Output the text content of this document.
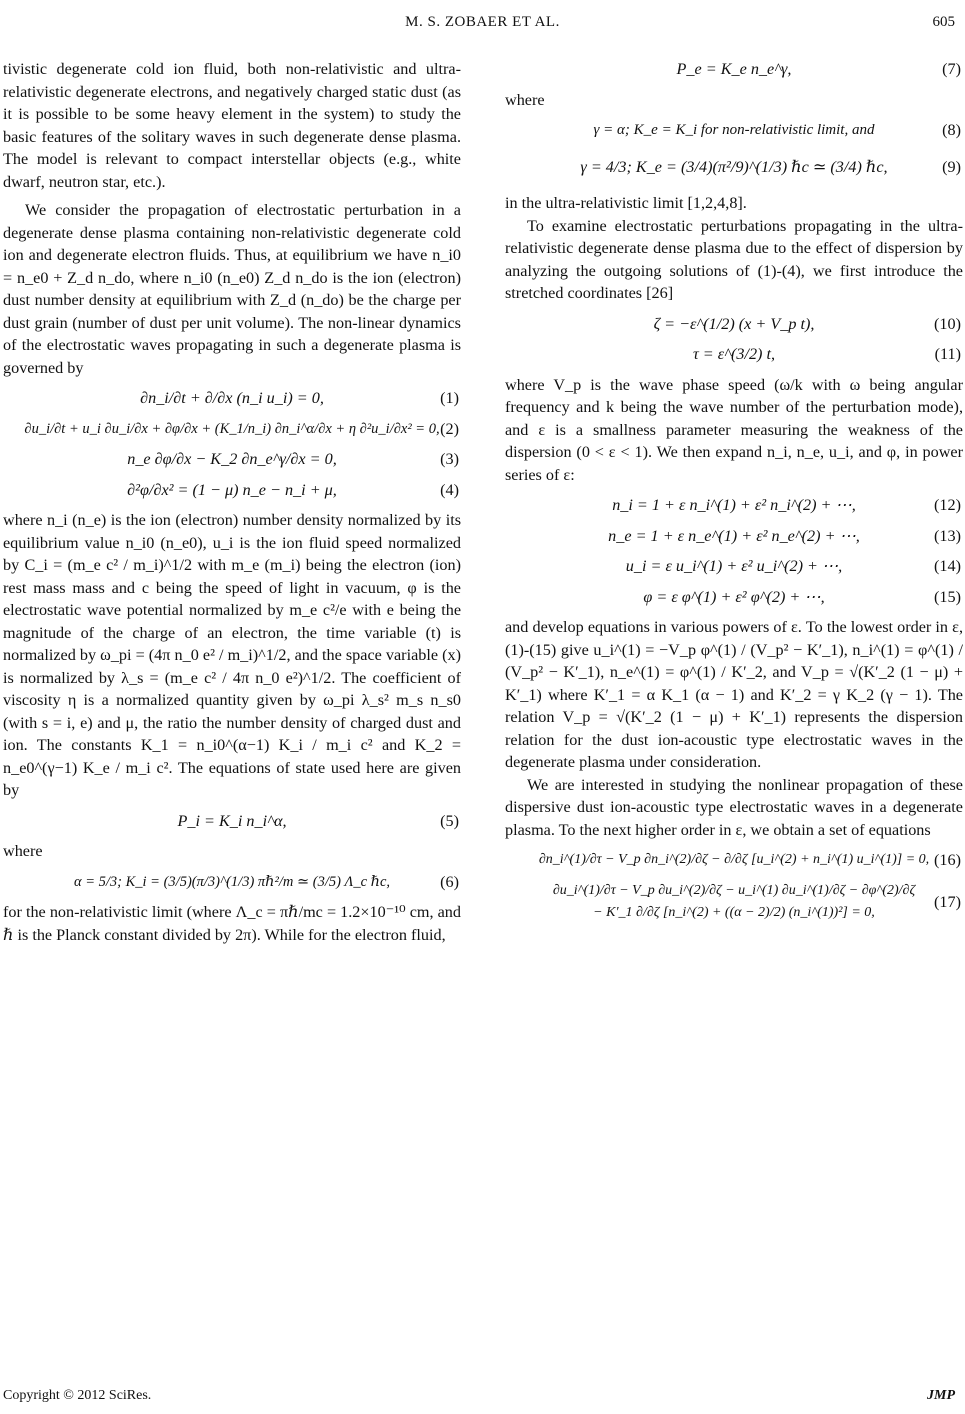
M. S. ZOBAER ET AL.	605

tivistic degenerate cold ion fluid, both non-relativistic and ultra-relativistic degenerate electrons, and negatively charged static dust (as it is possible to be some heavy element in the system) to study the basic features of the solitary waves in such degenerate dense plasma. The model is relevant to compact interstellar objects (e.g., white dwarf, neutron star, etc.).

We consider the propagation of electrostatic perturbation in a degenerate dense plasma containing non-relativistic degenerate cold ion and degenerate electron fluids. Thus, at equilibrium we have n_i0 = n_e0 + Z_d n_do, where n_i0 (n_e0) Z_d n_do is the ion (electron) dust number density at equilibrium with Z_d (n_do) be the charge per dust grain (number of dust per unit volume). The non-linear dynamics of the electrostatic waves propagating in such a degenerate plasma is governed by

∂n_i/∂t + ∂/∂x (n_i u_i) = 0,	(1)
∂u_i/∂t + u_i ∂u_i/∂x + ∂φ/∂x + (K_1/n_i) ∂n_i^α/∂x + η ∂²u_i/∂x² = 0, (2)
n_e ∂φ/∂x − K_2 ∂n_e^γ/∂x = 0,	(3)
∂²φ/∂x² = (1 − μ) n_e − n_i + μ,	(4)

where n_i (n_e) is the ion (electron) number density normalized by its equilibrium value n_i0 (n_e0), u_i is the ion fluid speed normalized by C_i = (m_e c² / m_i)^1/2 with m_e (m_i) being the electron (ion) rest mass mass and c being the speed of light in vacuum, φ is the electrostatic wave potential normalized by m_e c²/e with e being the magnitude of the charge of an electron, the time variable (t) is normalized by ω_pi = (4π n_0 e² / m_i)^1/2, and the space variable (x) is normalized by λ_s = (m_e c² / 4π n_0 e²)^1/2. The coefficient of viscosity η is a normalized quantity given by ω_pi λ_s² m_s n_s0 (with s = i, e) and μ, the ratio the number density of charged dust and ion. The constants K_1 = n_i0^(α−1) K_i / m_i c² and K_2 = n_e0^(γ−1) K_e / m_i c². The equations of state used here are given by

P_i = K_i n_i^α,	(5)

where

α = 5/3; K_i = (3/5)(π/3)^(1/3) πℏ²/m ≃ (3/5) Λ_c ℏc,	(6)

for the non-relativistic limit (where Λ_c = πℏ/mc = 1.2×10⁻¹⁰ cm, and ℏ is the Planck constant divided by 2π). While for the electron fluid,

P_e = K_e n_e^γ,	(7)

where

γ = α; K_e = K_i for non-relativistic limit, and	(8)
γ = 4/3; K_e = (3/4)(π²/9)^(1/3) ℏc ≃ (3/4) ℏc,	(9)

in the ultra-relativistic limit [1,2,4,8].

To examine electrostatic perturbations propagating in the ultra-relativistic degenerate dense plasma due to the effect of dispersion by analyzing the outgoing solutions of (1)-(4), we first introduce the stretched coordinates [26]

ζ = −ε^(1/2) (x + V_p t),	(10)
τ = ε^(3/2) t,	(11)

where V_p is the wave phase speed (ω/k with ω being angular frequency and k being the wave number of the perturbation mode), and ε is a smallness parameter measuring the weakness of the dispersion (0 < ε < 1). We then expand n_i, n_e, u_i, and φ, in power series of ε:

n_i = 1 + ε n_i^(1) + ε² n_i^(2) + ⋯,	(12)
n_e = 1 + ε n_e^(1) + ε² n_e^(2) + ⋯,	(13)
u_i = ε u_i^(1) + ε² u_i^(2) + ⋯,	(14)
φ = ε φ^(1) + ε² φ^(2) + ⋯,	(15)

and develop equations in various powers of ε. To the lowest order in ε, (1)-(15) give u_i^(1) = −V_p φ^(1) / (V_p² − K′_1), n_i^(1) = φ^(1) / (V_p² − K′_1), n_e^(1) = φ^(1) / K′_2, and V_p = √(K′_2 (1 − μ) + K′_1) where K′_1 = α K_1 (α − 1) and K′_2 = γ K_2 (γ − 1). The relation V_p = √(K′_2 (1 − μ) + K′_1) represents the dispersion relation for the dust ion-acoustic type electrostatic waves in the degenerate plasma under consideration.

We are interested in studying the nonlinear propagation of these dispersive dust ion-acoustic type electrostatic waves in a degenerate plasma. To the next higher order in ε, we obtain a set of equations

∂n_i^(1)/∂τ − V_p ∂n_i^(2)/∂ζ − ∂/∂ζ [u_i^(2) + n_i^(1) u_i^(1)] = 0, (16)
∂u_i^(1)/∂τ − V_p ∂u_i^(2)/∂ζ − u_i^(1) ∂u_i^(1)/∂ζ − ∂φ^(2)/∂ζ
− K′_1 ∂/∂ζ [n_i^(2) + ((α − 2)/2) (n_i^(1))²] = 0,
(17)
Copyright © 2012 SciRes.	JMP
